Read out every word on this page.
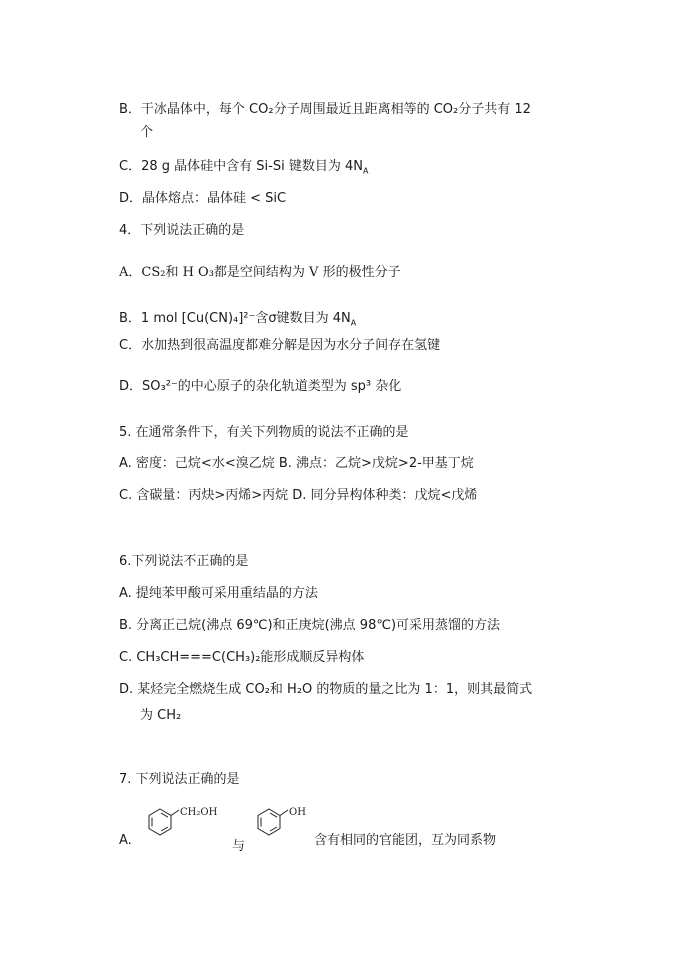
B．干冰晶体中，每个 CO₂分子周围最近且距离相等的 CO₂分子共有 12
个
C．28 g 晶体硅中含有 Si-Si 键数目为 $4N_A$
D．晶体熔点：晶体硅 < SiC
4．下列说法正确的是
A．CS₂和 H O₃都是空间结构为 V 形的极性分子
B．1 mol [Cu(CN)₄]²⁻含σ键数目为 $4N_A$
C．水加热到很高温度都难分解是因为水分子间存在氢键
D．SO₃²⁻的中心原子的杂化轨道类型为 sp³ 杂化
5. 在通常条件下，有关下列物质的说法不正确的是
A. 密度：己烷<水<溴乙烷 B. 沸点：乙烷>戊烷>2-甲基丁烷
C. 含碳量：丙炔>丙烯>丙烷 D. 同分异构体种类：戊烷<戊烯
6.下列说法不正确的是
A. 提纯苯甲酸可采用重结晶的方法
B. 分离正己烷(沸点 69℃)和正庚烷(沸点 98℃)可采用蒸馏的方法
C. CH₃CH===C(CH₃)₂能形成顺反异构体
D. 某烃完全燃烧生成 CO₂和 H₂O 的物质的量之比为 1：1，则其最简式
为 CH₂
7. 下列说法正确的是
A.
CH₂OH
与
OH
含有相同的官能团，互为同系物
